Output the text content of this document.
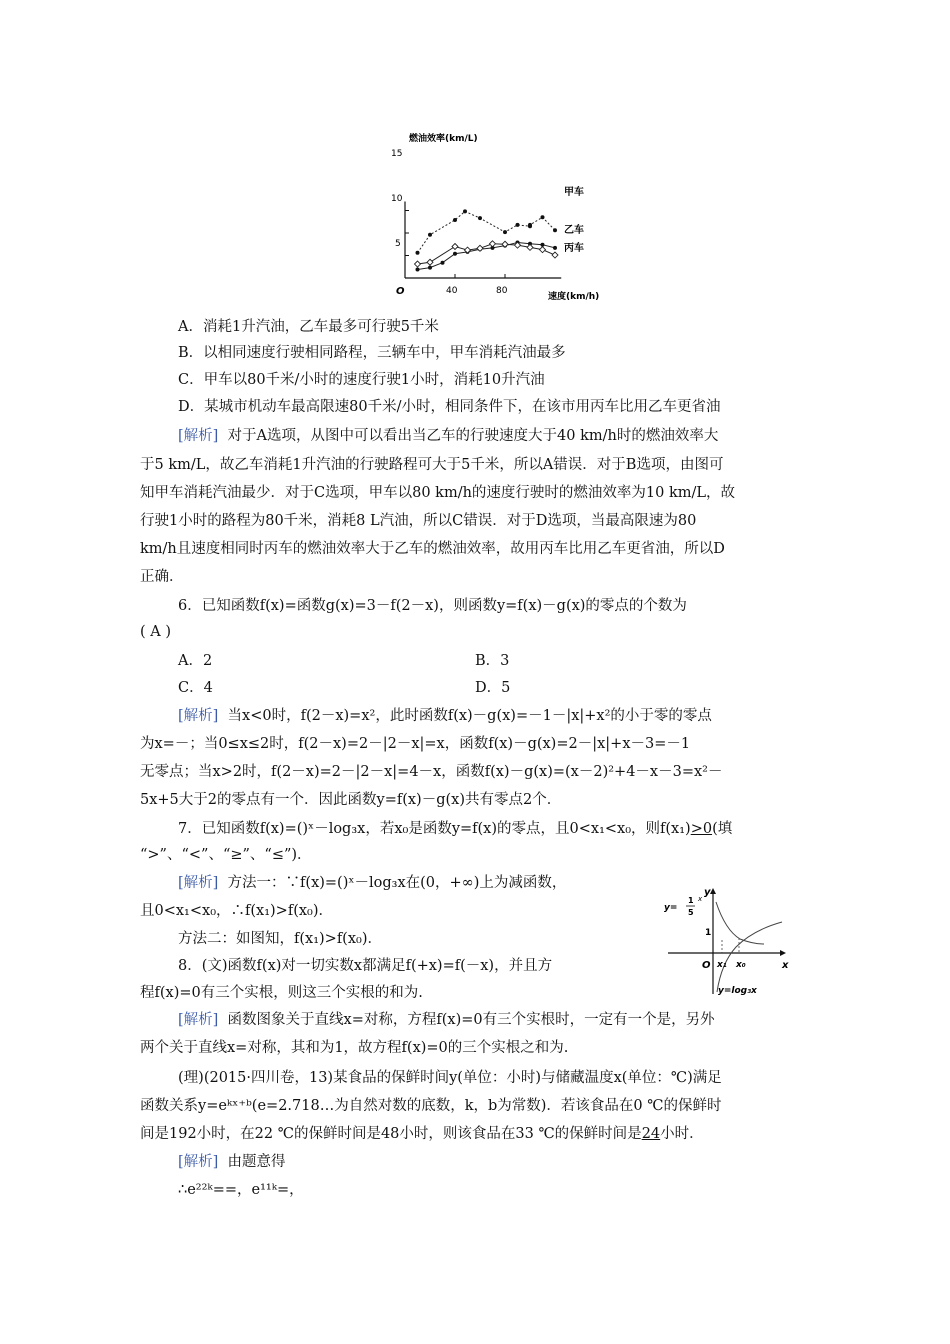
燃油效率(km/L)
速度(km/h)
O
15
10
5
40	80
甲车
乙车
丙车
A．消耗1升汽油，乙车最多可行驶5千米
B．以相同速度行驶相同路程，三辆车中，甲车消耗汽油最多
C．甲车以80千米/小时的速度行驶1小时，消耗10升汽油
D．某城市机动车最高限速80千米/小时，相同条件下，在该市用丙车比用乙车更省油
[解析] 对于A选项，从图中可以看出当乙车的行驶速度大于40 km/h时的燃油效率大
于5 km/L，故乙车消耗1升汽油的行驶路程可大于5千米，所以A错误．对于B选项，由图可
知甲车消耗汽油最少．对于C选项，甲车以80 km/h的速度行驶时的燃油效率为10 km/L，故
行驶1小时的路程为80千米，消耗8 L汽油，所以C错误．对于D选项，当最高限速为80
km/h且速度相同时丙车的燃油效率大于乙车的燃油效率，故用丙车比用乙车更省油，所以D
正确．
6．已知函数f(x)=函数g(x)=3－f(2－x)，则函数y=f(x)－g(x)的零点的个数为
( A )
A．2	B．3
C．4	D．5
[解析] 当x<0时，f(2－x)=x²，此时函数f(x)－g(x)=－1－|x|+x²的小于零的零点
为x=－；当0≤x≤2时，f(2－x)=2－|2－x|=x，函数f(x)－g(x)=2－|x|+x－3=－1
无零点；当x>2时，f(2－x)=2－|2－x|=4－x，函数f(x)－g(x)=(x－2)²+4－x－3=x²－
5x+5大于2的零点有一个．因此函数y=f(x)－g(x)共有零点2个．
7．已知函数f(x)=()ˣ－log₃x，若x₀是函数y=f(x)的零点，且0<x₁<x₀，则f(x₁)>0(填
“>”、“<”、“≥”、“≤”)．
[解析] 方法一：∵f(x)=()ˣ－log₃x在(0，+∞)上为减函数，
且0<x₁<x₀，∴f(x₁)>f(x₀)．
方法二：如图知，f(x₁)>f(x₀)．
y=
1
5
x
y=log₃x
x
y
O
1
x₁ x₀
8．(文)函数f(x)对一切实数x都满足f(+x)=f(－x)，并且方
程f(x)=0有三个实根，则这三个实根的和为.
[解析] 函数图象关于直线x=对称，方程f(x)=0有三个实根时，一定有一个是，另外
两个关于直线x=对称，其和为1，故方程f(x)=0的三个实根之和为.
(理)(2015·四川卷，13)某食品的保鲜时间y(单位：小时)与储藏温度x(单位：℃)满足
函数关系y=eᵏˣ⁺ᵇ(e=2.718…为自然对数的底数，k，b为常数)．若该食品在0 ℃的保鲜时
间是192小时，在22 ℃的保鲜时间是48小时，则该食品在33 ℃的保鲜时间是24小时．
[解析] 由题意得
∴e²²ᵏ==，e¹¹ᵏ=，
